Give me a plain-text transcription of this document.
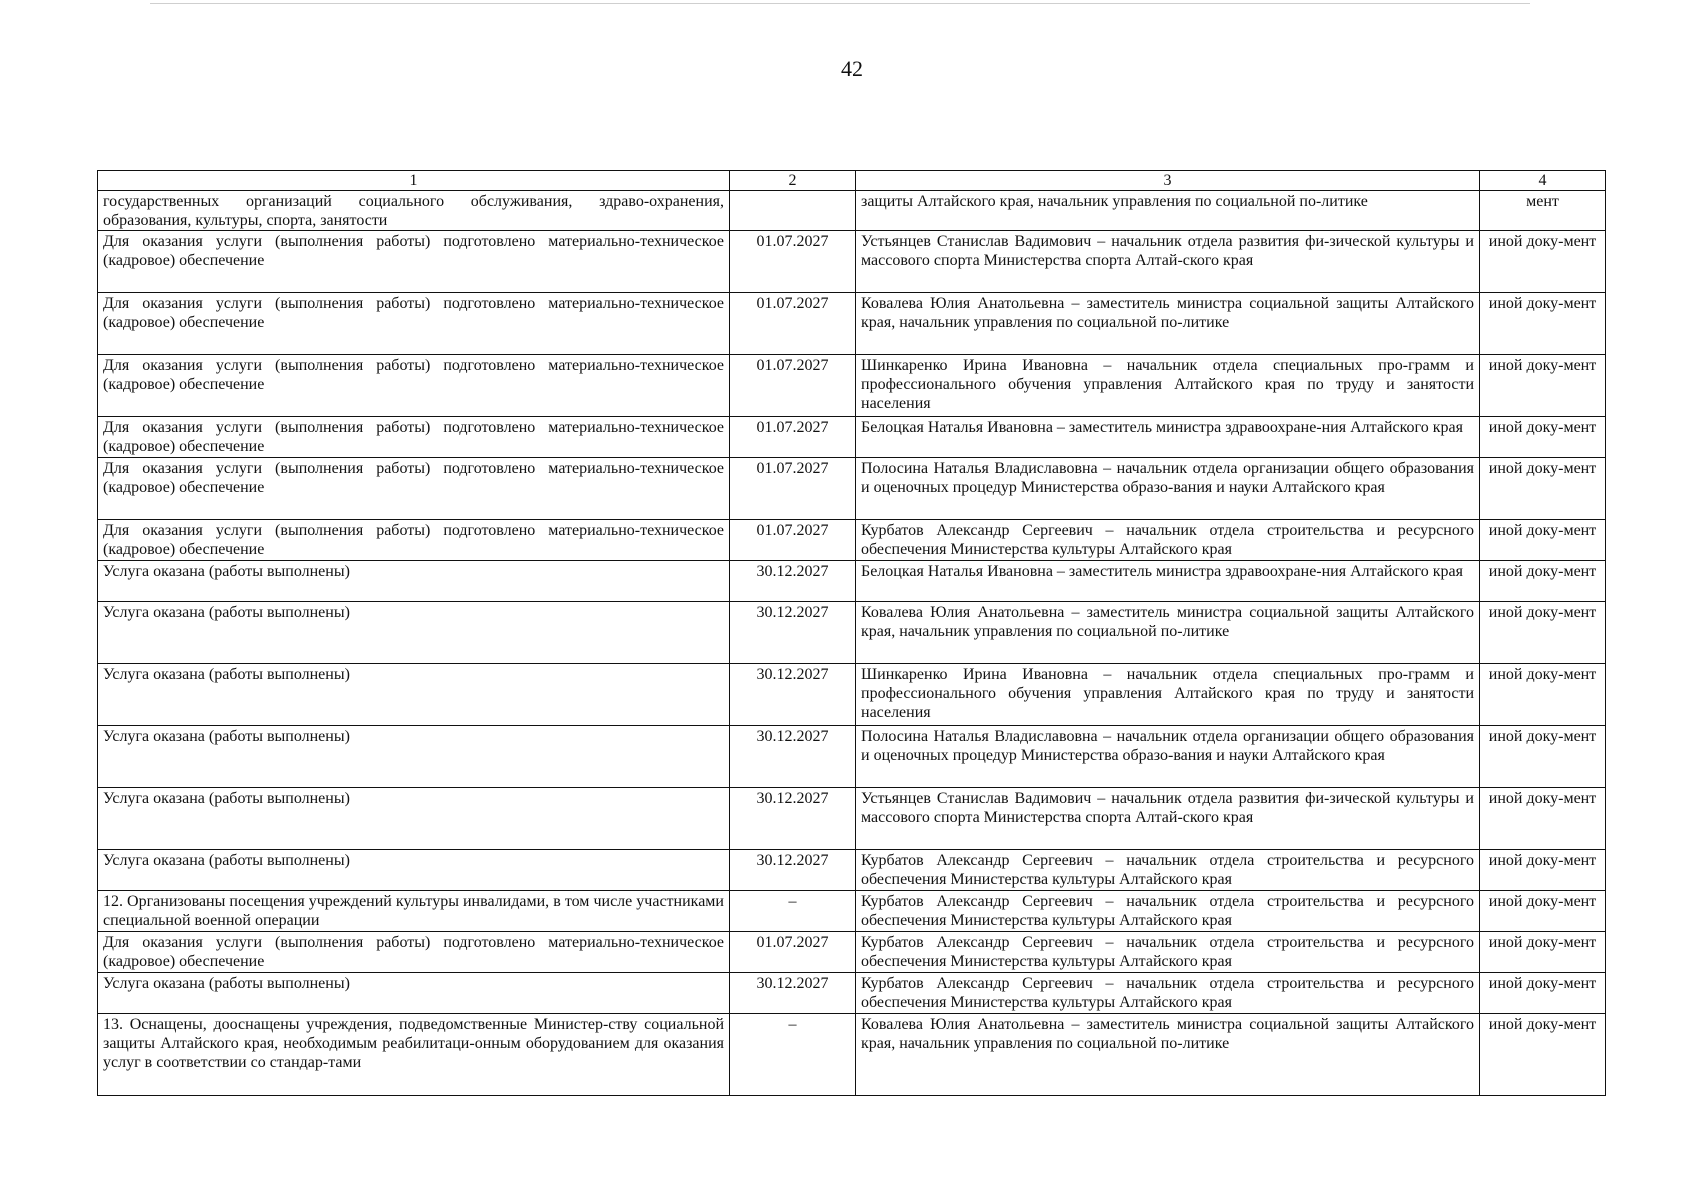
42
1	2	3	4
государственных организаций социального обслуживания, здраво-охранения, образования, культуры, спорта, занятости		защиты Алтайского края, начальник управления по социальной по-литике	мент
Для оказания услуги (выполнения работы) подготовлено материально-техническое (кадровое) обеспечение	01.07.2027	Устьянцев Станислав Вадимович – начальник отдела развития фи-зической культуры и массового спорта Министерства спорта Алтай-ского края	иной доку-мент
Для оказания услуги (выполнения работы) подготовлено материально-техническое (кадровое) обеспечение	01.07.2027	Ковалева Юлия Анатольевна – заместитель министра социальной защиты Алтайского края, начальник управления по социальной по-литике	иной доку-мент
Для оказания услуги (выполнения работы) подготовлено материально-техническое (кадровое) обеспечение	01.07.2027	Шинкаренко Ирина Ивановна – начальник отдела специальных про-грамм и профессионального обучения управления Алтайского края по труду и занятости населения	иной доку-мент
Для оказания услуги (выполнения работы) подготовлено материально-техническое (кадровое) обеспечение	01.07.2027	Белоцкая Наталья Ивановна – заместитель министра здравоохране-ния Алтайского края	иной доку-мент
Для оказания услуги (выполнения работы) подготовлено материально-техническое (кадровое) обеспечение	01.07.2027	Полосина Наталья Владиславовна – начальник отдела организации общего образования и оценочных процедур Министерства образо-вания и науки Алтайского края	иной доку-мент
Для оказания услуги (выполнения работы) подготовлено материально-техническое (кадровое) обеспечение	01.07.2027	Курбатов Александр Сергеевич – начальник отдела строительства и ресурсного обеспечения Министерства культуры Алтайского края	иной доку-мент
Услуга оказана (работы выполнены)	30.12.2027	Белоцкая Наталья Ивановна – заместитель министра здравоохране-ния Алтайского края	иной доку-мент
Услуга оказана (работы выполнены)	30.12.2027	Ковалева Юлия Анатольевна – заместитель министра социальной защиты Алтайского края, начальник управления по социальной по-литике	иной доку-мент
Услуга оказана (работы выполнены)	30.12.2027	Шинкаренко Ирина Ивановна – начальник отдела специальных про-грамм и профессионального обучения управления Алтайского края по труду и занятости населения	иной доку-мент
Услуга оказана (работы выполнены)	30.12.2027	Полосина Наталья Владиславовна – начальник отдела организации общего образования и оценочных процедур Министерства образо-вания и науки Алтайского края	иной доку-мент
Услуга оказана (работы выполнены)	30.12.2027	Устьянцев Станислав Вадимович – начальник отдела развития фи-зической культуры и массового спорта Министерства спорта Алтай-ского края	иной доку-мент
Услуга оказана (работы выполнены)	30.12.2027	Курбатов Александр Сергеевич – начальник отдела строительства и ресурсного обеспечения Министерства культуры Алтайского края	иной доку-мент
12. Организованы посещения учреждений культуры инвалидами, в том числе участниками специальной военной операции	–	Курбатов Александр Сергеевич – начальник отдела строительства и ресурсного обеспечения Министерства культуры Алтайского края	иной доку-мент
Для оказания услуги (выполнения работы) подготовлено материально-техническое (кадровое) обеспечение	01.07.2027	Курбатов Александр Сергеевич – начальник отдела строительства и ресурсного обеспечения Министерства культуры Алтайского края	иной доку-мент
Услуга оказана (работы выполнены)	30.12.2027	Курбатов Александр Сергеевич – начальник отдела строительства и ресурсного обеспечения Министерства культуры Алтайского края	иной доку-мент
13. Оснащены, дооснащены учреждения, подведомственные Министер-ству социальной защиты Алтайского края, необходимым реабилитаци-онным оборудованием для оказания услуг в соответствии со стандар-тами	–	Ковалева Юлия Анатольевна – заместитель министра социальной защиты Алтайского края, начальник управления по социальной по-литике	иной доку-мент
